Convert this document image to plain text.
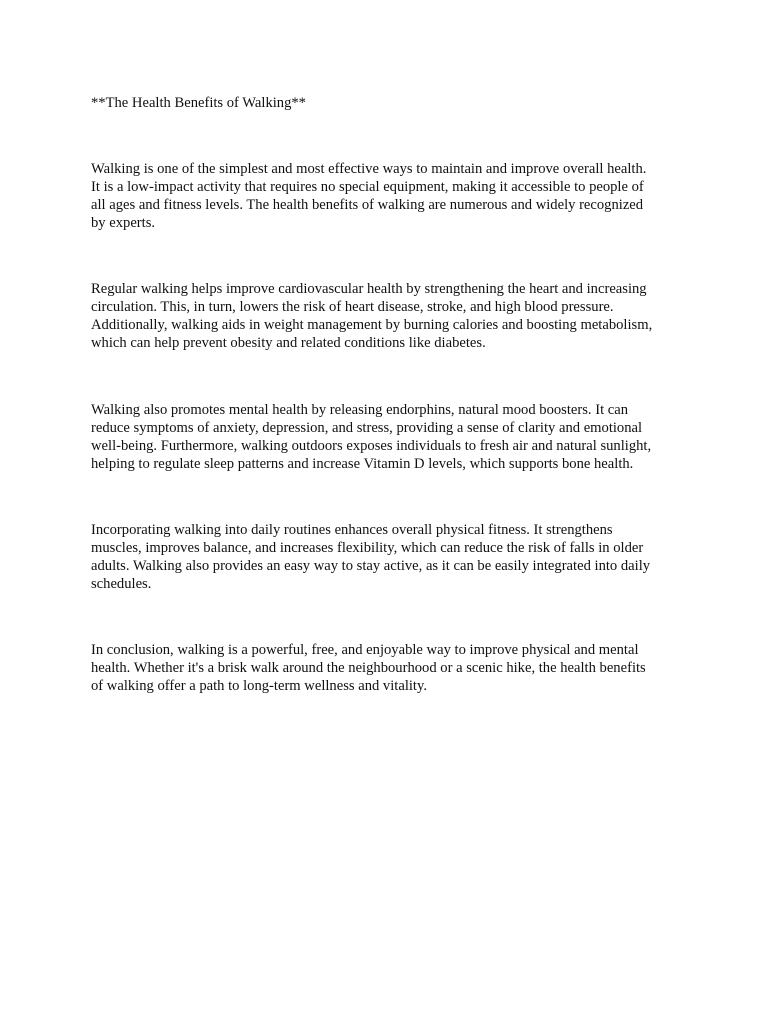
**The Health Benefits of Walking**

Walking is one of the simplest and most effective ways to maintain and improve overall health.
It is a low-impact activity that requires no special equipment, making it accessible to people of
all ages and fitness levels. The health benefits of walking are numerous and widely recognized
by experts.

Regular walking helps improve cardiovascular health by strengthening the heart and increasing
circulation. This, in turn, lowers the risk of heart disease, stroke, and high blood pressure.
Additionally, walking aids in weight management by burning calories and boosting metabolism,
which can help prevent obesity and related conditions like diabetes.

Walking also promotes mental health by releasing endorphins, natural mood boosters. It can
reduce symptoms of anxiety, depression, and stress, providing a sense of clarity and emotional
well-being. Furthermore, walking outdoors exposes individuals to fresh air and natural sunlight,
helping to regulate sleep patterns and increase Vitamin D levels, which supports bone health.

Incorporating walking into daily routines enhances overall physical fitness. It strengthens
muscles, improves balance, and increases flexibility, which can reduce the risk of falls in older
adults. Walking also provides an easy way to stay active, as it can be easily integrated into daily
schedules.

In conclusion, walking is a powerful, free, and enjoyable way to improve physical and mental
health. Whether it's a brisk walk around the neighbourhood or a scenic hike, the health benefits
of walking offer a path to long-term wellness and vitality.
